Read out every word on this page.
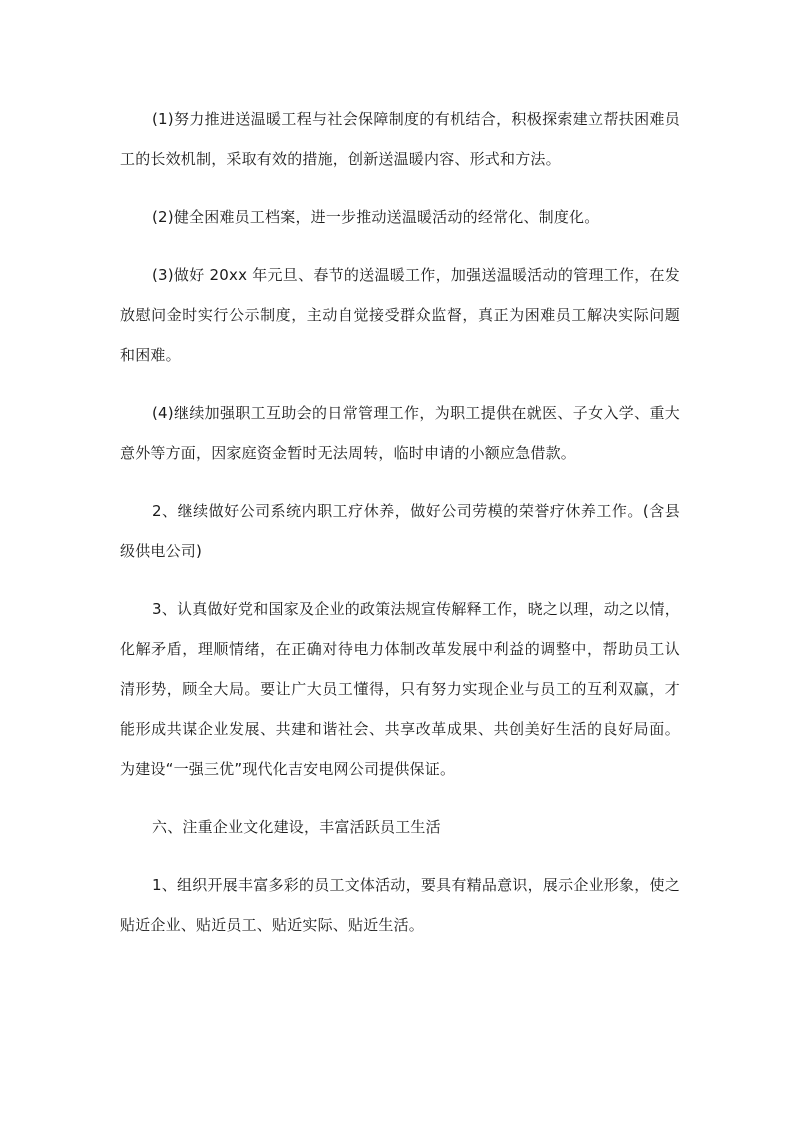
(1)努力推进送温暖工程与社会保障制度的有机结合，积极探索建立帮扶困难员工的长效机制，采取有效的措施，创新送温暖内容、形式和方法。

(2)健全困难员工档案，进一步推动送温暖活动的经常化、制度化。

(3)做好 20xx 年元旦、春节的送温暖工作，加强送温暖活动的管理工作，在发放慰问金时实行公示制度，主动自觉接受群众监督，真正为困难员工解决实际问题和困难。

(4)继续加强职工互助会的日常管理工作，为职工提供在就医、子女入学、重大意外等方面，因家庭资金暂时无法周转，临时申请的小额应急借款。

2、继续做好公司系统内职工疗休养，做好公司劳模的荣誉疗休养工作。(含县级供电公司)

3、认真做好党和国家及企业的政策法规宣传解释工作，晓之以理，动之以情，化解矛盾，理顺情绪，在正确对待电力体制改革发展中利益的调整中，帮助员工认清形势，顾全大局。要让广大员工懂得，只有努力实现企业与员工的互利双赢，才能形成共谋企业发展、共建和谐社会、共享改革成果、共创美好生活的良好局面。为建设“一强三优”现代化吉安电网公司提供保证。

六、注重企业文化建设，丰富活跃员工生活

1、组织开展丰富多彩的员工文体活动，要具有精品意识，展示企业形象，使之贴近企业、贴近员工、贴近实际、贴近生活。
